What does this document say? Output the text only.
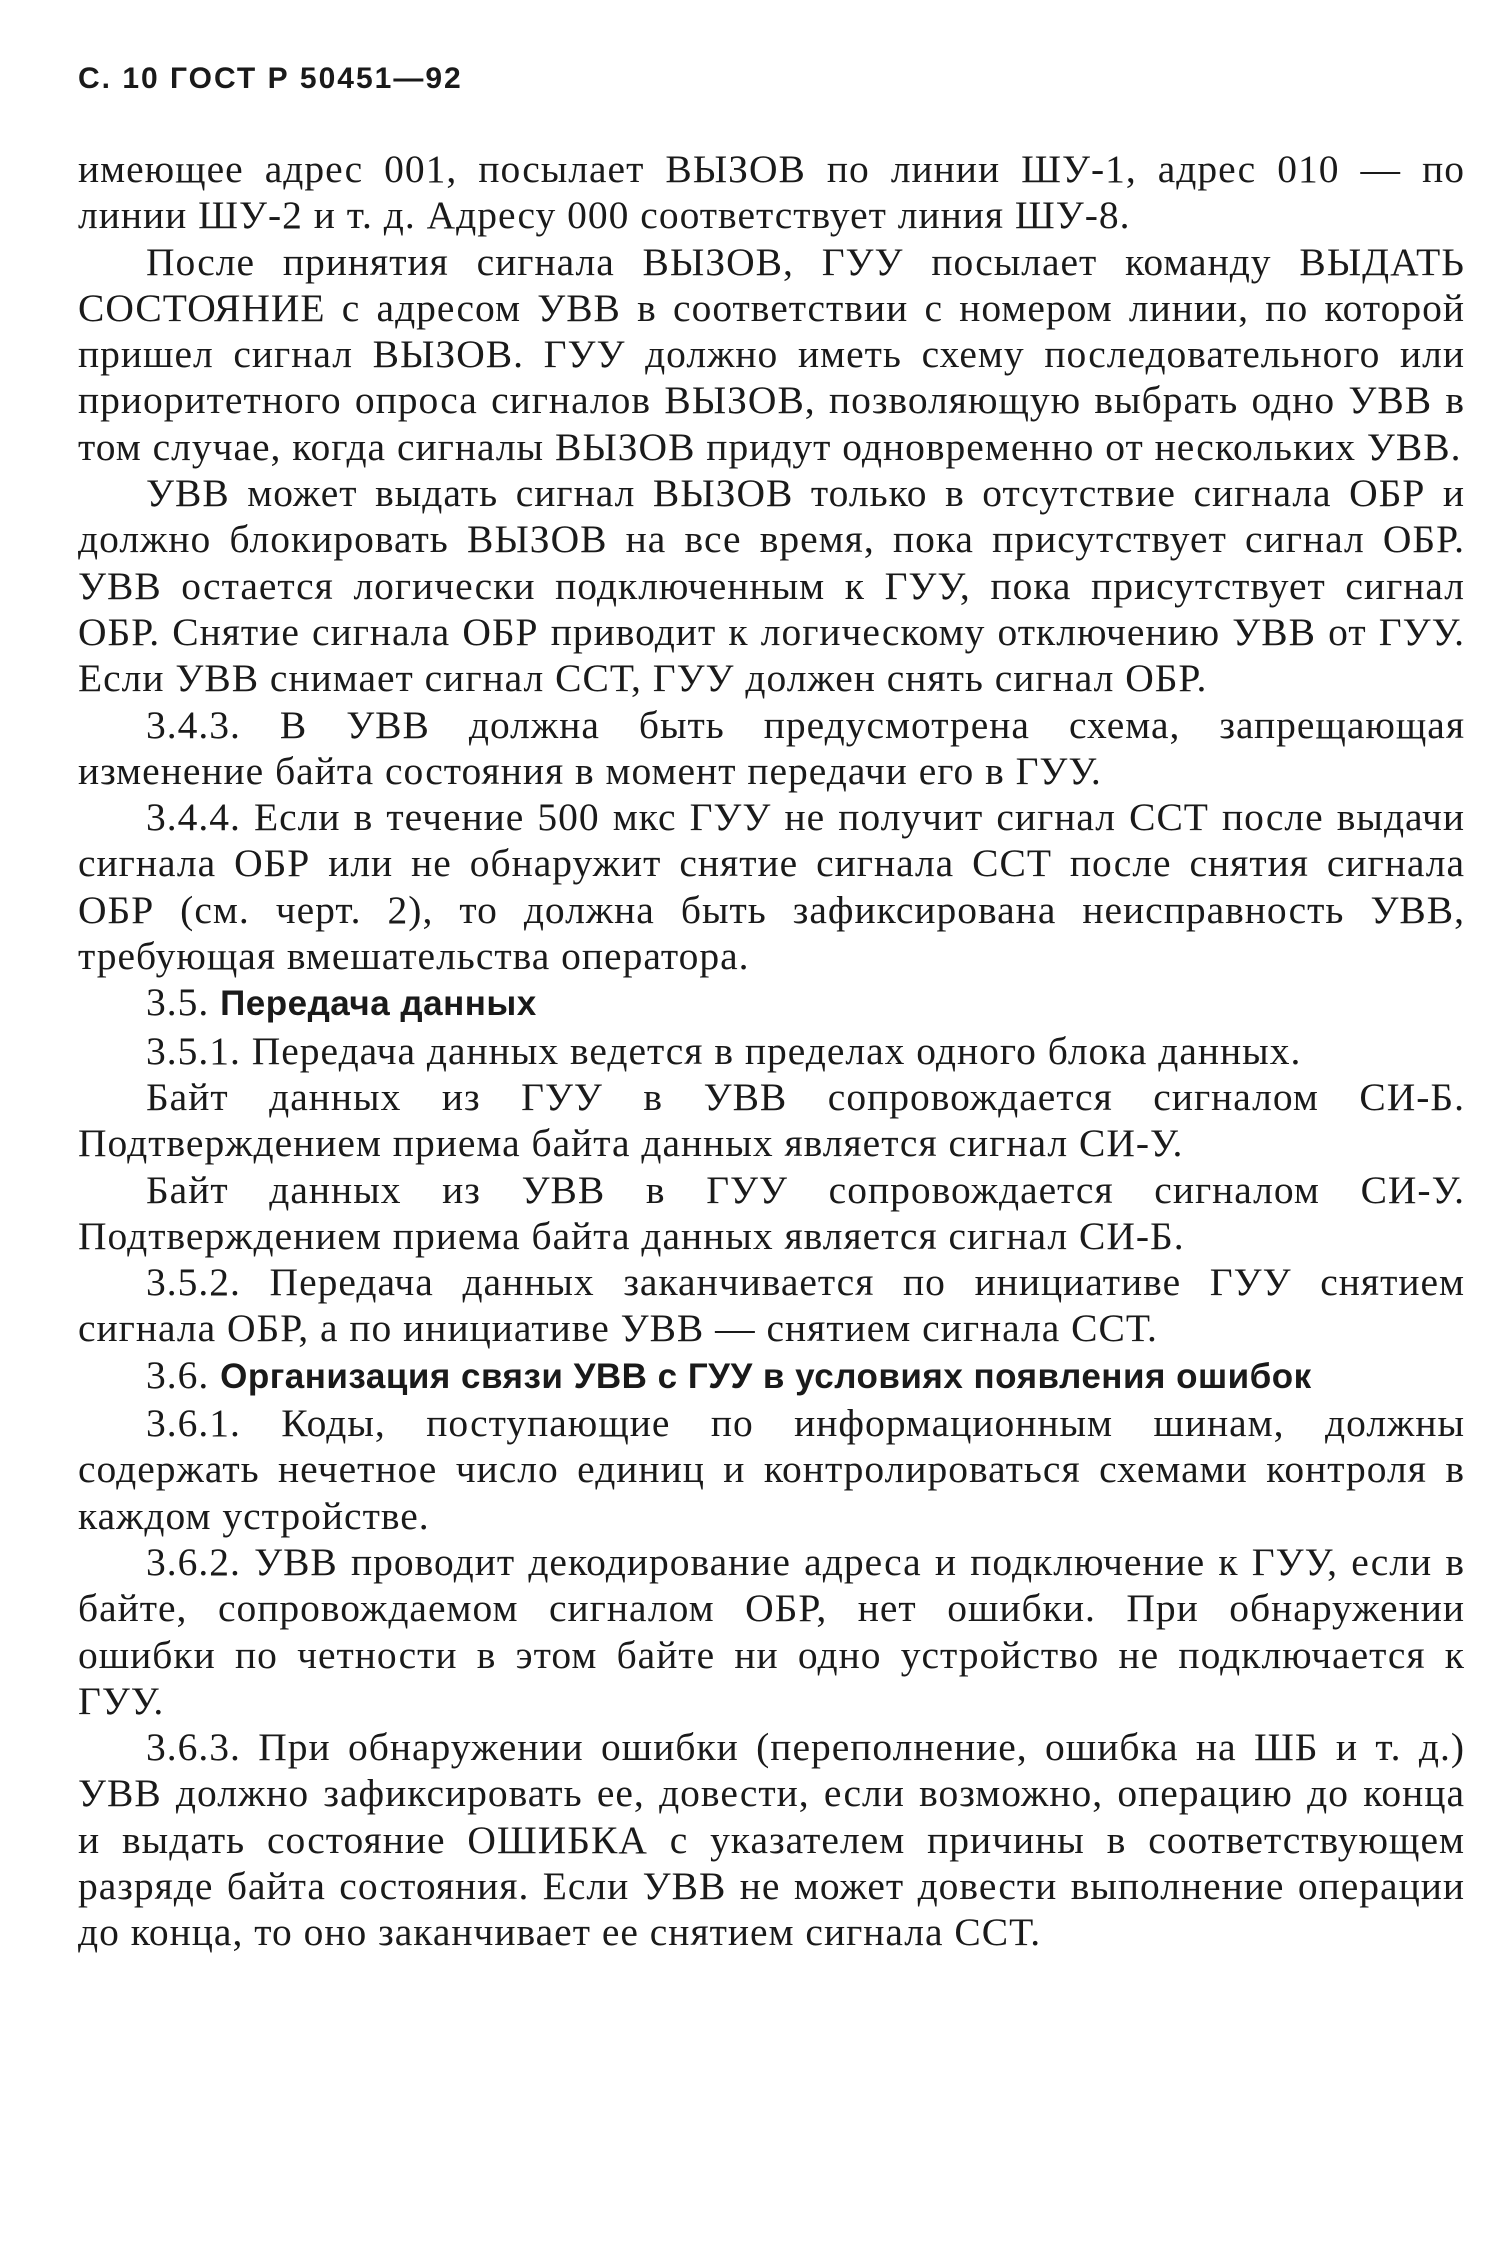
С. 10 ГОСТ Р 50451—92

имеющее адрес 001, посылает ВЫЗОВ по линии ШУ-1, адрес 010 — по линии ШУ-2 и т. д. Адресу 000 соответствует линия ШУ-8.

После принятия сигнала ВЫЗОВ, ГУУ посылает команду ВЫДАТЬ СОСТОЯНИЕ с адресом УВВ в соответствии с номером линии, по которой пришел сигнал ВЫЗОВ. ГУУ должно иметь схему последовательного или приоритетного опроса сигналов ВЫЗОВ, позволяющую выбрать одно УВВ в том случае, когда сигналы ВЫЗОВ придут одновременно от нескольких УВВ.

УВВ может выдать сигнал ВЫЗОВ только в отсутствие сигнала ОБР и должно блокировать ВЫЗОВ на все время, пока присутствует сигнал ОБР. УВВ остается логически подключенным к ГУУ, пока присутствует сигнал ОБР. Снятие сигнала ОБР приводит к логическому отключению УВВ от ГУУ. Если УВВ снимает сигнал ССТ, ГУУ должен снять сигнал ОБР.

3.4.3. В УВВ должна быть предусмотрена схема, запрещающая изменение байта состояния в момент передачи его в ГУУ.

3.4.4. Если в течение 500 мкс ГУУ не получит сигнал ССТ после выдачи сигнала ОБР или не обнаружит снятие сигнала ССТ после снятия сигнала ОБР (см. черт. 2), то должна быть зафиксирована неисправность УВВ, требующая вмешательства оператора.

3.5. Передача данных

3.5.1. Передача данных ведется в пределах одного блока данных.

Байт данных из ГУУ в УВВ сопровождается сигналом СИ-Б. Подтверждением приема байта данных является сигнал СИ-У.

Байт данных из УВВ в ГУУ сопровождается сигналом СИ-У. Подтверждением приема байта данных является сигнал СИ-Б.

3.5.2. Передача данных заканчивается по инициативе ГУУ снятием сигнала ОБР, а по инициативе УВВ — снятием сигнала ССТ.

3.6. Организация связи УВВ с ГУУ в условиях появления ошибок

3.6.1. Коды, поступающие по информационным шинам, должны содержать нечетное число единиц и контролироваться схемами контроля в каждом устройстве.

3.6.2. УВВ проводит декодирование адреса и подключение к ГУУ, если в байте, сопровождаемом сигналом ОБР, нет ошибки. При обнаружении ошибки по четности в этом байте ни одно устройство не подключается к ГУУ.

3.6.3. При обнаружении ошибки (переполнение, ошибка на ШБ и т. д.) УВВ должно зафиксировать ее, довести, если возможно, операцию до конца и выдать состояние ОШИБКА с указателем причины в соответствующем разряде байта состояния. Если УВВ не может довести выполнение операции до конца, то оно заканчивает ее снятием сигнала ССТ.
